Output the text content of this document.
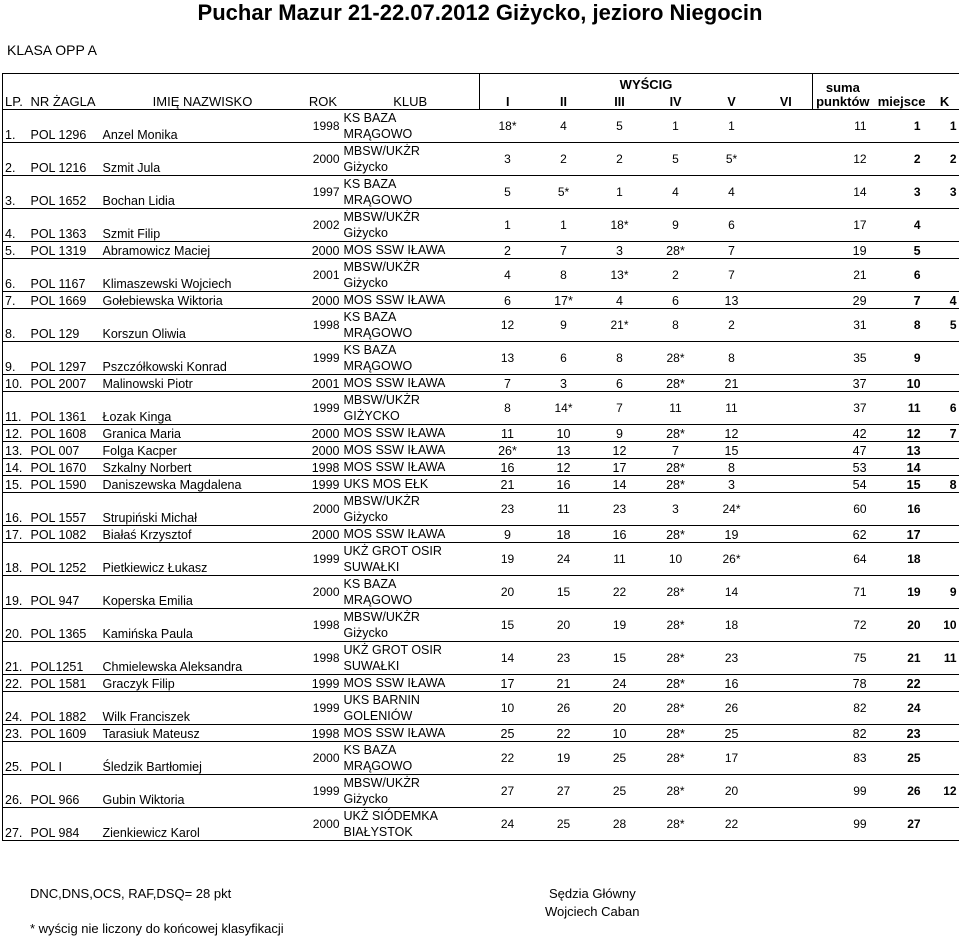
Puchar Mazur 21-22.07.2012 Giżycko, jezioro Niegocin
KLASA OPP A
LP.	NR ŻAGLA	IMIĘ NAZWISKO	ROK	KLUB	WYŚCIG						suma punktów	miejsce	K
					I	II	III	IV	V	VI			
1.	POL 1296	Anzel Monika	1998	KS BAZA
MRĄGOWO	18*	4	5	1	1		11	1	1
2.	POL 1216	Szmit Jula	2000	MBSW/UKŻR
Giżycko	3	2	2	5	5*		12	2	2
3.	POL 1652	Bochan Lidia	1997	KS BAZA
MRĄGOWO	5	5*	1	4	4		14	3	3
4.	POL 1363	Szmit Filip	2002	MBSW/UKŻR
Giżycko	1	1	18*	9	6		17	4	
5.	POL 1319	Abramowicz Maciej	2000	MOS SSW IŁAWA	2	7	3	28*	7		19	5	
6.	POL 1167	Klimaszewski Wojciech	2001	MBSW/UKŻR
Giżycko	4	8	13*	2	7		21	6	
7.	POL 1669	Gołebiewska Wiktoria	2000	MOS SSW IŁAWA	6	17*	4	6	13		29	7	4
8.	POL 129	Korszun Oliwia	1998	KS BAZA
MRĄGOWO	12	9	21*	8	2		31	8	5
9.	POL 1297	Pszczółkowski Konrad	1999	KS BAZA
MRĄGOWO	13	6	8	28*	8		35	9	
10.	POL 2007	Malinowski Piotr	2001	MOS SSW IŁAWA	7	3	6	28*	21		37	10	
11.	POL 1361	Łozak Kinga	1999	MBSW/UKŻR
GIŻYCKO	8	14*	7	11	11		37	11	6
12.	POL 1608	Granica Maria	2000	MOS SSW IŁAWA	11	10	9	28*	12		42	12	7
13.	POL 007	Folga Kacper	2000	MOS SSW IŁAWA	26*	13	12	7	15		47	13	
14.	POL 1670	Szkalny Norbert	1998	MOS SSW IŁAWA	16	12	17	28*	8		53	14	
15.	POL 1590	Daniszewska Magdalena	1999	UKS MOS EŁK	21	16	14	28*	3		54	15	8
16.	POL 1557	Strupiński Michał	2000	MBSW/UKŻR
Giżycko	23	11	23	3	24*		60	16	
17.	POL 1082	Białaś Krzysztof	2000	MOS SSW IŁAWA	9	18	16	28*	19		62	17	
18.	POL 1252	Pietkiewicz Łukasz	1999	UKŻ GROT OSIR
SUWAŁKI	19	24	11	10	26*		64	18	
19.	POL 947	Koperska Emilia	2000	KS BAZA
MRĄGOWO	20	15	22	28*	14		71	19	9
20.	POL 1365	Kamińska Paula	1998	MBSW/UKŻR
Giżycko	15	20	19	28*	18		72	20	10
21.	POL1251	Chmielewska Aleksandra	1998	UKŻ GROT OSIR
SUWAŁKI	14	23	15	28*	23		75	21	11
22.	POL 1581	Graczyk Filip	1999	MOS SSW IŁAWA	17	21	24	28*	16		78	22	
24.	POL 1882	Wilk Franciszek	1999	UKS BARNIN
GOLENIÓW	10	26	20	28*	26		82	24	
23.	POL 1609	Tarasiuk Mateusz	1998	MOS SSW IŁAWA	25	22	10	28*	25		82	23	
25.	POL I	Śledzik Bartłomiej	2000	KS BAZA
MRĄGOWO	22	19	25	28*	17		83	25	
26.	POL 966	Gubin Wiktoria	1999	MBSW/UKŻR
Giżycko	27	27	25	28*	20		99	26	12
27.	POL 984	Zienkiewicz Karol	2000	UKŻ SIÓDEMKA
BIAŁYSTOK	24	25	28	28*	22		99	27	
DNC,DNS,OCS, RAF,DSQ= 28 pkt
* wyścig nie liczony do końcowej klasyfikacji
Sędzia Główny
Wojciech Caban
